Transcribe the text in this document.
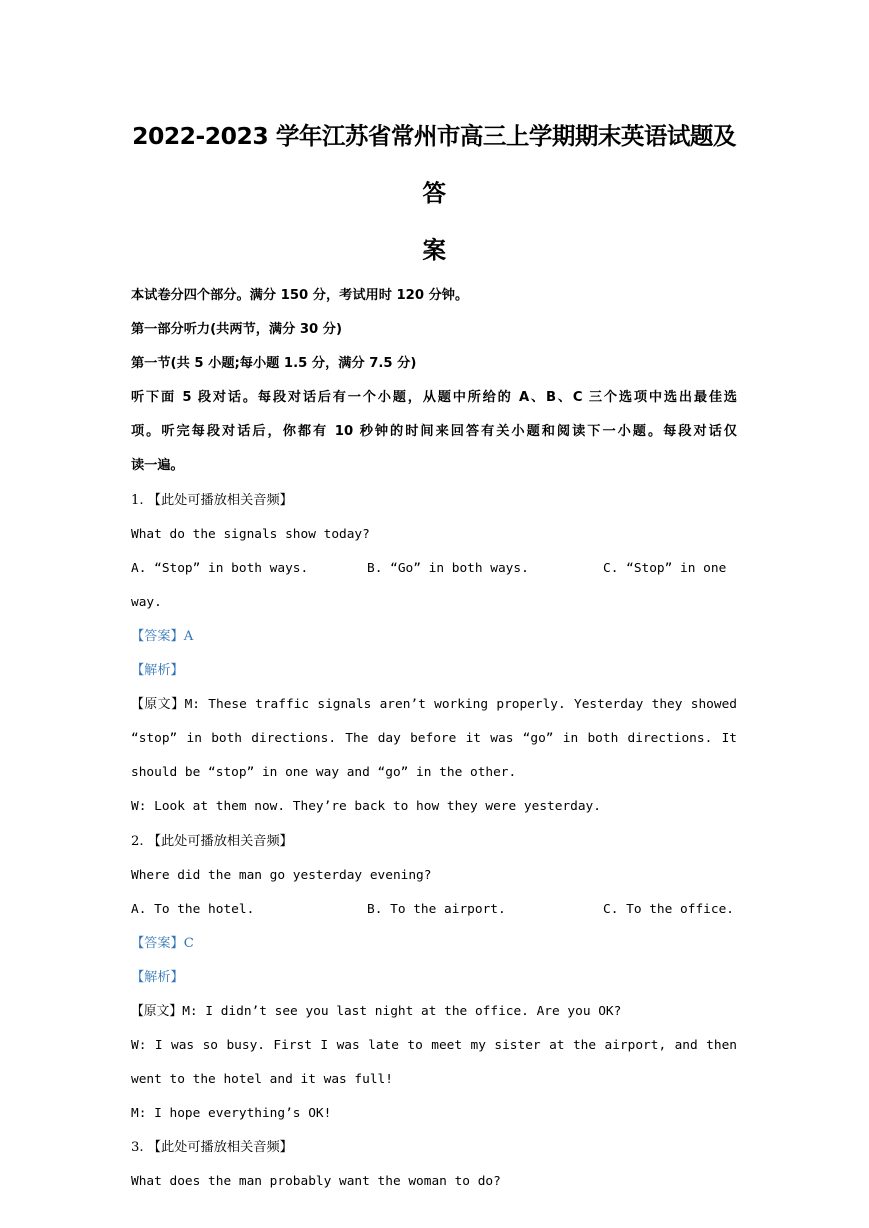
2022-2023 学年江苏省常州市高三上学期期末英语试题及答
案
本试卷分四个部分。满分 150 分，考试用时 120 分钟。
第一部分听力(共两节，满分 30 分)
第一节(共 5 小题;每小题 1.5 分，满分 7.5 分)
听下面 5 段对话。每段对话后有一个小题，从题中所给的 A、B、C 三个选项中选出最佳选
项。听完每段对话后，你都有 10 秒钟的时间来回答有关小题和阅读下一小题。每段对话仅
读一遍。
1. 【此处可播放相关音频】
What do the signals show today?
A. “Stop” in both ways.	B. “Go” in both ways.	C. “Stop” in one
way.
【答案】A
【解析】
【原文】M: These traffic signals aren’t working properly. Yesterday they showed
“stop” in both directions. The day before it was “go” in both directions. It
should be “stop” in one way and “go” in the other.
W: Look at them now. They’re back to how they were yesterday.
2. 【此处可播放相关音频】
Where did the man go yesterday evening?
A. To the hotel.	B. To the airport.	C. To the office.
【答案】C
【解析】
【原文】M: I didn’t see you last night at the office. Are you OK?
W: I was so busy. First I was late to meet my sister at the airport, and then
went to the hotel and it was full!
M: I hope everything’s OK!
3. 【此处可播放相关音频】
What does the man probably want the woman to do?
